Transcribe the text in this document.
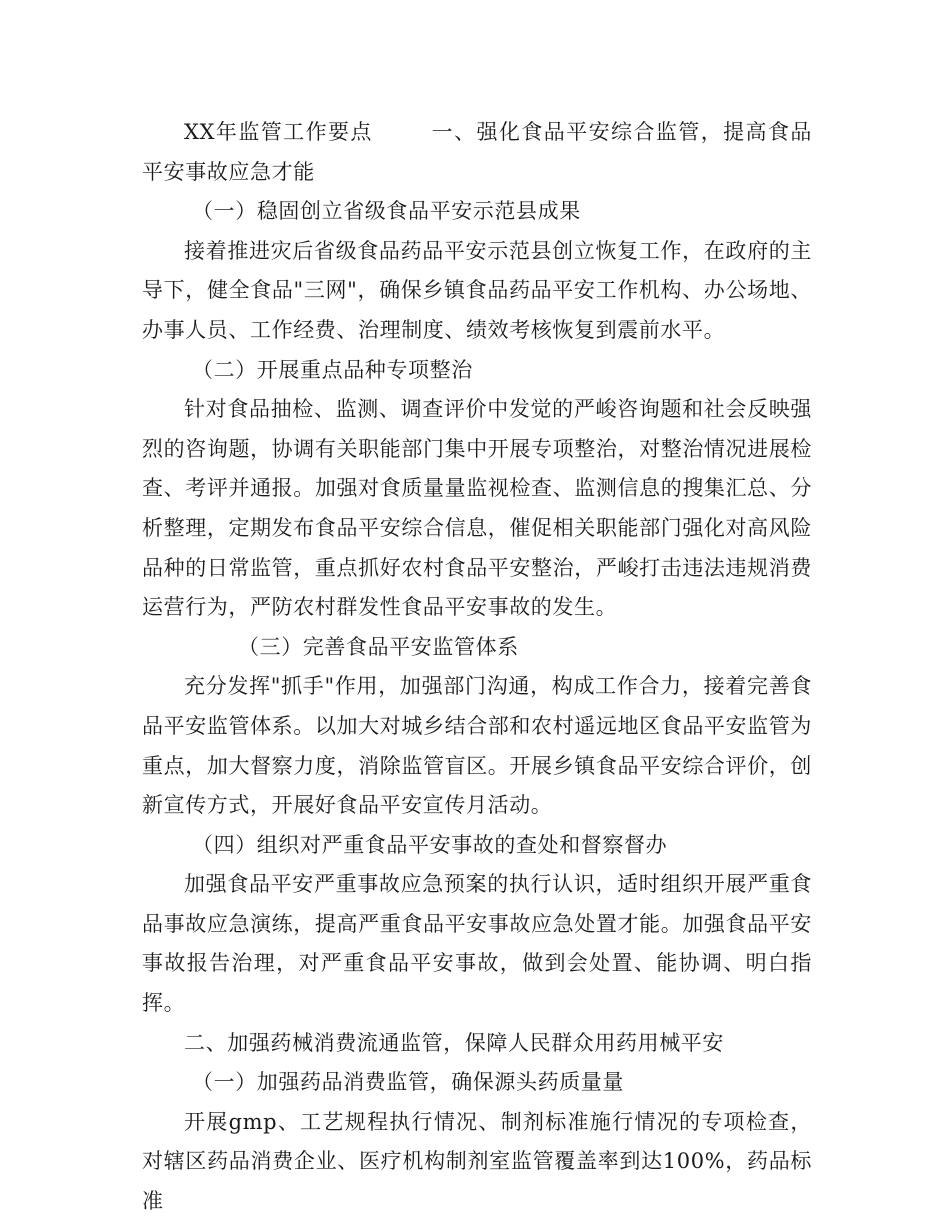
XX年监管工作要点	一、强化食品平安综合监管，提高食品平安事故应急才能

（一）稳固创立省级食品平安示范县成果

接着推进灾后省级食品药品平安示范县创立恢复工作，在政府的主导下，健全食品"三网"，确保乡镇食品药品平安工作机构、办公场地、办事人员、工作经费、治理制度、绩效考核恢复到震前水平。

（二）开展重点品种专项整治

针对食品抽检、监测、调查评价中发觉的严峻咨询题和社会反映强烈的咨询题，协调有关职能部门集中开展专项整治，对整治情况进展检查、考评并通报。加强对食质量量监视检查、监测信息的搜集汇总、分析整理，定期发布食品平安综合信息，催促相关职能部门强化对高风险品种的日常监管，重点抓好农村食品平安整治，严峻打击违法违规消费运营行为，严防农村群发性食品平安事故的发生。

（三）完善食品平安监管体系

充分发挥"抓手"作用，加强部门沟通，构成工作合力，接着完善食品平安监管体系。以加大对城乡结合部和农村遥远地区食品平安监管为重点，加大督察力度，消除监管盲区。开展乡镇食品平安综合评价，创新宣传方式，开展好食品平安宣传月活动。

（四）组织对严重食品平安事故的查处和督察督办

加强食品平安严重事故应急预案的执行认识，适时组织开展严重食品事故应急演练，提高严重食品平安事故应急处置才能。加强食品平安事故报告治理，对严重食品平安事故，做到会处置、能协调、明白指挥。

二、加强药械消费流通监管，保障人民群众用药用械平安

（一）加强药品消费监管，确保源头药质量量

开展gmp、工艺规程执行情况、制剂标准施行情况的专项检查，对辖区药品消费企业、医疗机构制剂室监管覆盖率到达100%，药品标准
